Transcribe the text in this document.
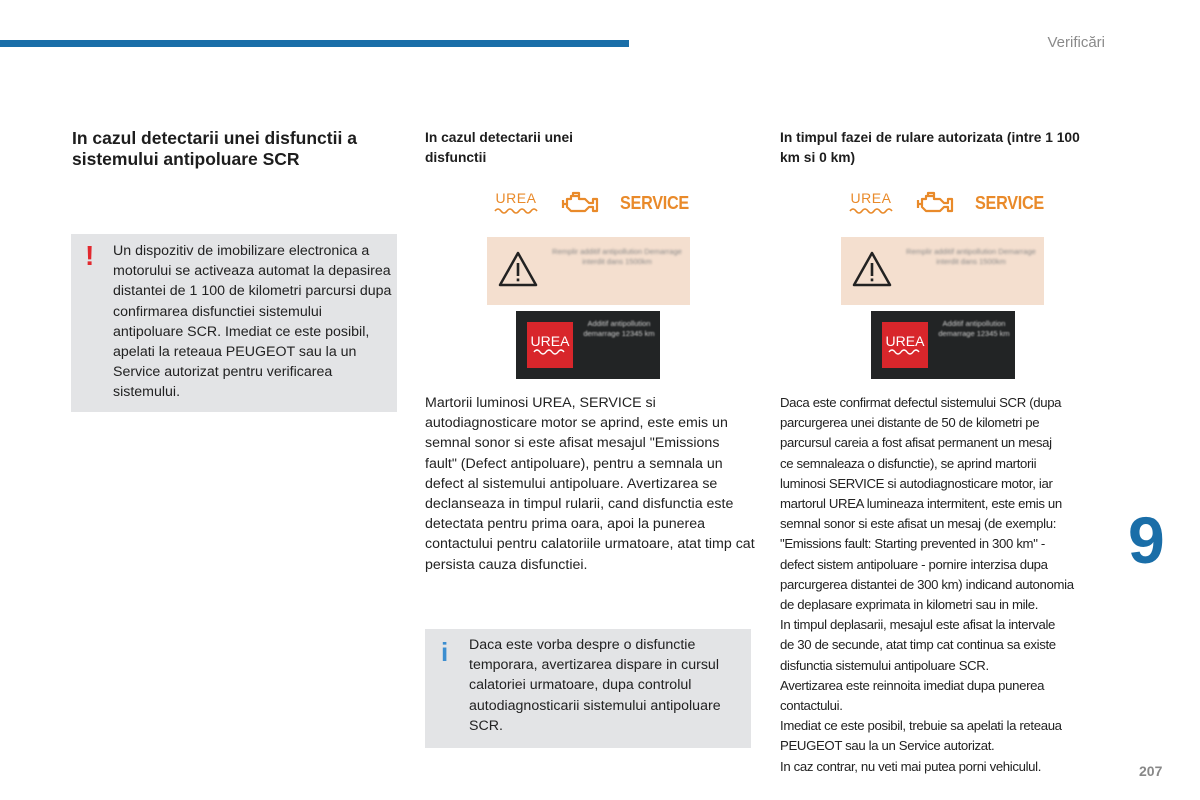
Verificări
In cazul detectarii unei disfunctii a sistemului antipoluare SCR
! Un dispozitiv de imobilizare electronica a motorului se activeaza automat la depasirea distantei de 1 100 de kilometri parcursi dupa confirmarea disfunctiei sistemului antipoluare SCR. Imediat ce este posibil, apelati la reteaua PEUGEOT sau la un Service autorizat pentru verificarea sistemului.

In cazul detectarii unei disfunctii
UREA	SERVICE
Remplir additif antipollution Demarrage interdit dans 1500km
UREA
Additif antipollution demarrage 12345 km

Martorii luminosi UREA, SERVICE si autodiagnosticare motor se aprind, este emis un semnal sonor si este afisat mesajul "Emissions fault" (Defect antipoluare), pentru a semnala un defect al sistemului antipoluare. Avertizarea se declanseaza in timpul rularii, cand disfunctia este detectata pentru prima oara, apoi la punerea contactului pentru calatoriile urmatoare, atat timp cat persista cauza disfunctiei.

i Daca este vorba despre o disfunctie temporara, avertizarea dispare in cursul calatoriei urmatoare, dupa controlul autodiagnosticarii sistemului antipoluare SCR.

In timpul fazei de rulare autorizata (intre 1 100 km si 0 km)
UREA	SERVICE
Remplir additif antipollution Demarrage interdit dans 1500km
UREA
Additif antipollution demarrage 12345 km
Daca este confirmat defectul sistemului SCR (dupa
parcurgerea unei distante de 50 de kilometri pe
parcursul careia a fost afisat permanent un mesaj
ce semnaleaza o disfunctie), se aprind martorii
luminosi SERVICE si autodiagnosticare motor, iar
martorul UREA lumineaza intermitent, este emis un
semnal sonor si este afisat un mesaj (de exemplu:
"Emissions fault: Starting prevented in 300 km" -
defect sistem antipoluare - pornire interzisa dupa
parcurgerea distantei de 300 km) indicand autonomia
de deplasare exprimata in kilometri sau in mile.
In timpul deplasarii, mesajul este afisat la intervale
de 30 de secunde, atat timp cat continua sa existe
disfunctia sistemului antipoluare SCR.
Avertizarea este reinnoita imediat dupa punerea
contactului.
Imediat ce este posibil, trebuie sa apelati la reteaua
PEUGEOT sau la un Service autorizat.
In caz contrar, nu veti mai putea porni vehiculul.
9
207
